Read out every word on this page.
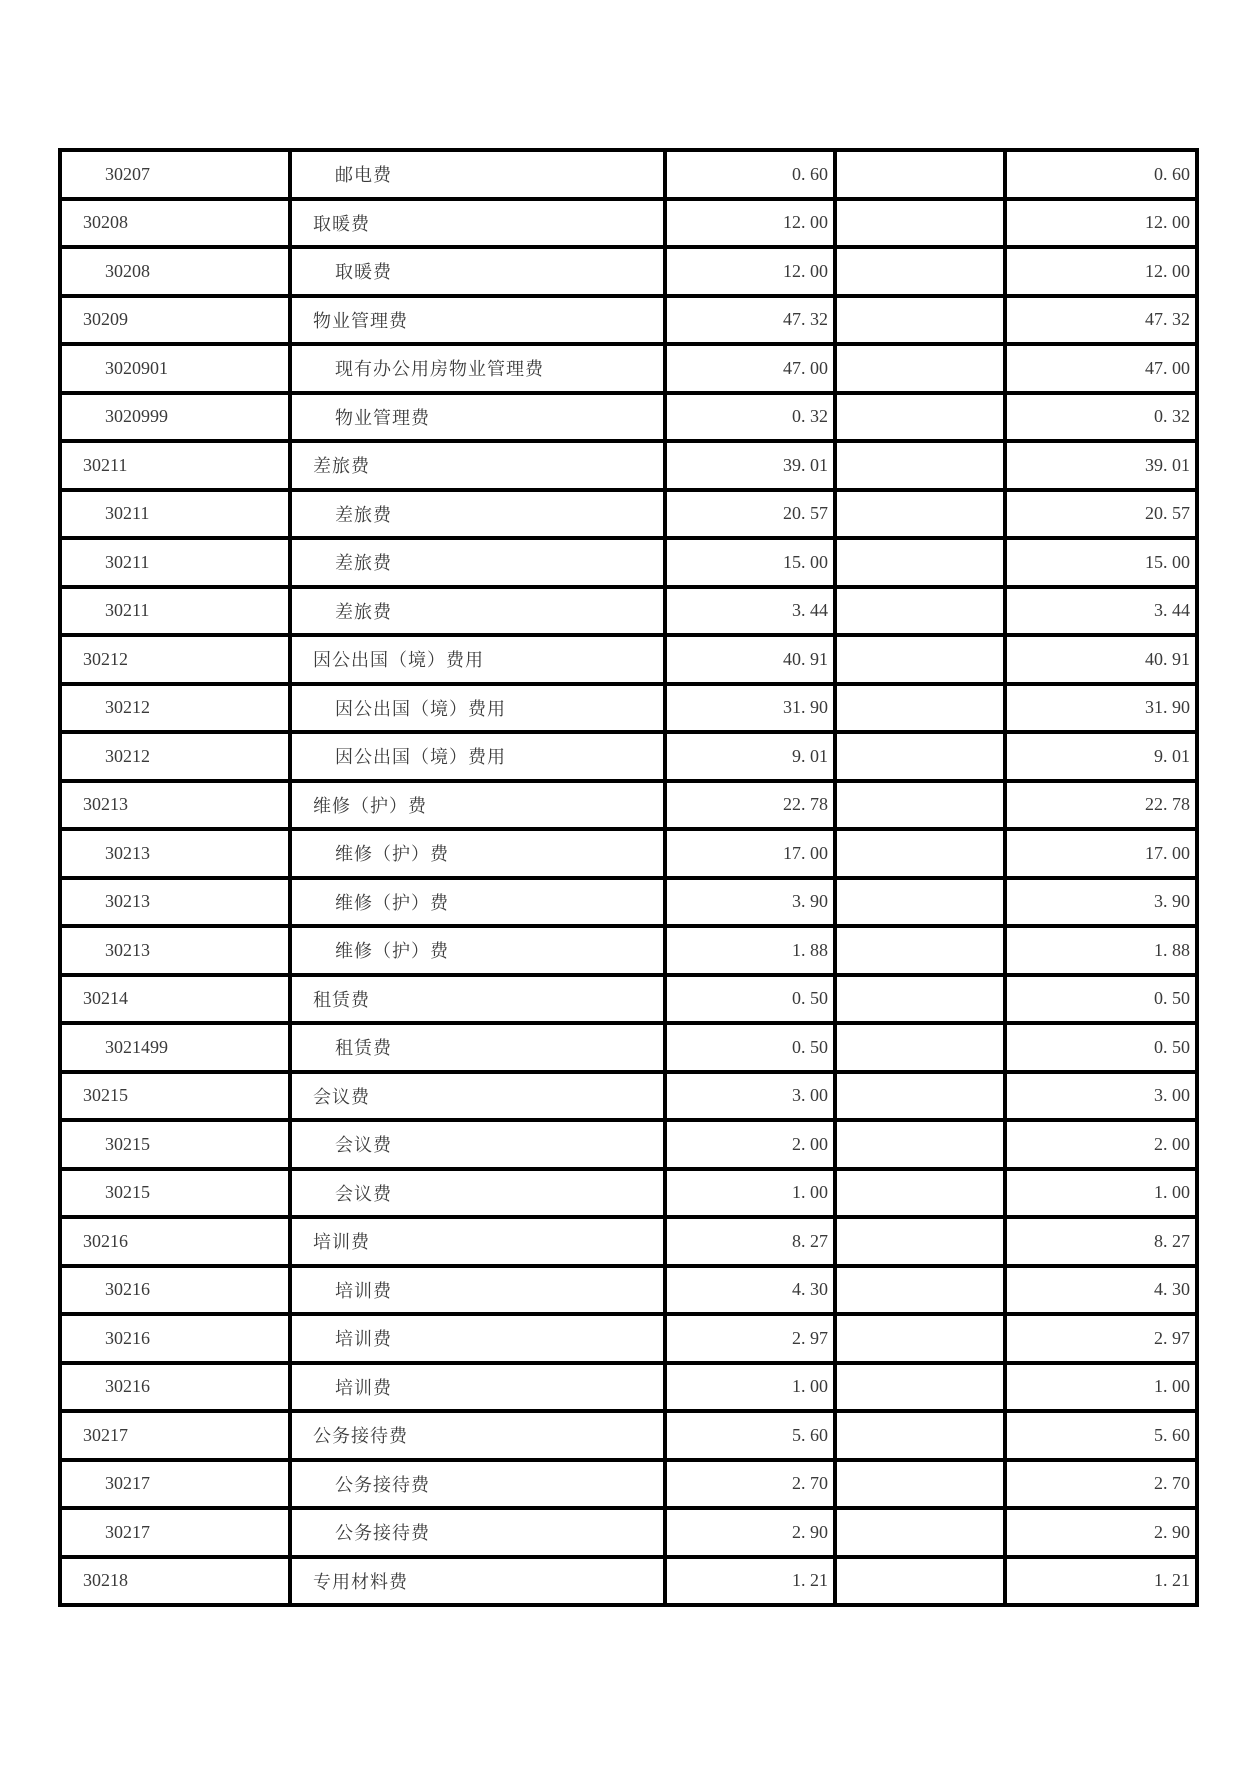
30207	邮电费	0. 60		0. 60
30208	取暖费	12. 00		12. 00
30208	取暖费	12. 00		12. 00
30209	物业管理费	47. 32		47. 32
3020901	现有办公用房物业管理费	47. 00		47. 00
3020999	物业管理费	0. 32		0. 32
30211	差旅费	39. 01		39. 01
30211	差旅费	20. 57		20. 57
30211	差旅费	15. 00		15. 00
30211	差旅费	3. 44		3. 44
30212	因公出国（境）费用	40. 91		40. 91
30212	因公出国（境）费用	31. 90		31. 90
30212	因公出国（境）费用	9. 01		9. 01
30213	维修（护）费	22. 78		22. 78
30213	维修（护）费	17. 00		17. 00
30213	维修（护）费	3. 90		3. 90
30213	维修（护）费	1. 88		1. 88
30214	租赁费	0. 50		0. 50
3021499	租赁费	0. 50		0. 50
30215	会议费	3. 00		3. 00
30215	会议费	2. 00		2. 00
30215	会议费	1. 00		1. 00
30216	培训费	8. 27		8. 27
30216	培训费	4. 30		4. 30
30216	培训费	2. 97		2. 97
30216	培训费	1. 00		1. 00
30217	公务接待费	5. 60		5. 60
30217	公务接待费	2. 70		2. 70
30217	公务接待费	2. 90		2. 90
30218	专用材料费	1. 21		1. 21
